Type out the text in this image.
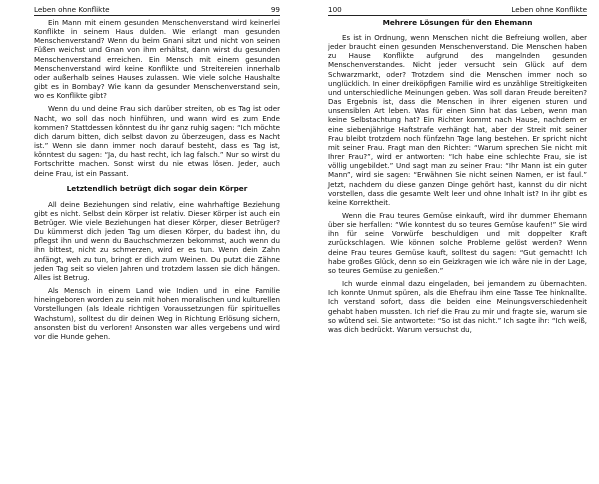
Leben ohne Konflikte	99

Ein Mann mit einem gesunden Menschenverstand wird keinerlei Konflikte in seinem Haus dulden. Wie erlangt man gesunden Menschenverstand? Wenn du beim Gnani sitzt und nicht von seinen Füßen weichst und Gnan von ihm erhältst, dann wirst du gesunden Menschenverstand erreichen. Ein Mensch mit einem gesunden Menschenverstand wird keine Konflikte und Streitereien innerhalb oder außerhalb seines Hauses zulassen. Wie viele solche Haushalte gibt es in Bombay? Wie kann da gesunder Menschenverstand sein, wo es Konflikte gibt?

Wenn du und deine Frau sich darüber streiten, ob es Tag ist oder Nacht, wo soll das noch hinführen, und wann wird es zum Ende kommen? Stattdessen könntest du ihr ganz ruhig sagen: “Ich möchte dich darum bitten, dich selbst davon zu überzeugen, dass es Nacht ist.” Wenn sie dann immer noch darauf besteht, dass es Tag ist, könntest du sagen: “Ja, du hast recht, ich lag falsch.” Nur so wirst du Fortschritte machen. Sonst wirst du nie etwas lösen. Jeder, auch deine Frau, ist ein Passant.

Letztendlich betrügt dich sogar dein Körper

All deine Beziehungen sind relativ, eine wahrhaftige Beziehung gibt es nicht. Selbst dein Körper ist relativ. Dieser Körper ist auch ein Betrüger. Wie viele Beziehungen hat dieser Körper, dieser Betrüger? Du kümmerst dich jeden Tag um diesen Körper, du badest ihn, du pflegst ihn und wenn du Bauchschmerzen bekommst, auch wenn du ihn bittest, nicht zu schmerzen, wird er es tun. Wenn dein Zahn anfängt, weh zu tun, bringt er dich zum Weinen. Du putzt die Zähne jeden Tag seit so vielen Jahren und trotzdem lassen sie dich hängen. Alles ist Betrug.

Als Mensch in einem Land wie Indien und in eine Familie hineingeboren worden zu sein mit hohen moralischen und kulturellen Vorstellungen (als Ideale richtigen Voraussetzungen für spirituelles Wachstum), solltest du dir deinen Weg in Richtung Erlösung sichern, ansonsten bist du verloren! Ansonsten war alles vergebens und wird vor die Hunde gehen.

100	Leben ohne Konflikte
Mehrere Lösungen für den Ehemann

Es ist in Ordnung, wenn Menschen nicht die Befreiung wollen, aber jeder braucht einen gesunden Menschenverstand. Die Menschen haben zu Hause Konflikte aufgrund des mangelnden gesunden Menschenverstandes. Nicht jeder versucht sein Glück auf dem Schwarzmarkt, oder? Trotzdem sind die Menschen immer noch so unglücklich. In einer dreiköpfigen Familie wird es unzählige Streitigkeiten und unterschiedliche Meinungen geben. Was soll daran Freude bereiten? Das Ergebnis ist, dass die Menschen in ihrer eigenen sturen und unsensiblen Art leben. Was für einen Sinn hat das Leben, wenn man keine Selbstachtung hat? Ein Richter kommt nach Hause, nachdem er eine siebenjährige Haftstrafe verhängt hat, aber der Streit mit seiner Frau bleibt trotzdem noch fünfzehn Tage lang bestehen. Er spricht nicht mit seiner Frau. Fragt man den Richter: “Warum sprechen Sie nicht mit Ihrer Frau?”, wird er antworten: “Ich habe eine schlechte Frau, sie ist völlig ungebildet.” Und sagt man zu seiner Frau: “Ihr Mann ist ein guter Mann”, wird sie sagen: “Erwähnen Sie nicht seinen Namen, er ist faul.” Jetzt, nachdem du diese ganzen Dinge gehört hast, kannst du dir nicht vorstellen, dass die gesamte Welt leer und ohne Inhalt ist? In ihr gibt es keine Korrektheit.

Wenn die Frau teures Gemüse einkauft, wird ihr dummer Ehemann über sie herfallen: “Wie konntest du so teures Gemüse kaufen!” Sie wird ihn für seine Vorwürfe beschuldigen und mit doppelter Kraft zurückschlagen. Wie können solche Probleme gelöst werden? Wenn deine Frau teures Gemüse kauft, solltest du sagen: “Gut gemacht! Ich habe großes Glück, denn so ein Geizkragen wie ich wäre nie in der Lage, so teures Gemüse zu genießen.”

Ich wurde einmal dazu eingeladen, bei jemandem zu übernachten. Ich konnte Unmut spüren, als die Ehefrau ihm eine Tasse Tee hinknallte. Ich verstand sofort, dass die beiden eine Meinungsverschiedenheit gehabt haben mussten. Ich rief die Frau zu mir und fragte sie, warum sie so wütend sei. Sie antwortete: “So ist das nicht.” Ich sagte ihr: “Ich weiß, was dich bedrückt. Warum versuchst du,
